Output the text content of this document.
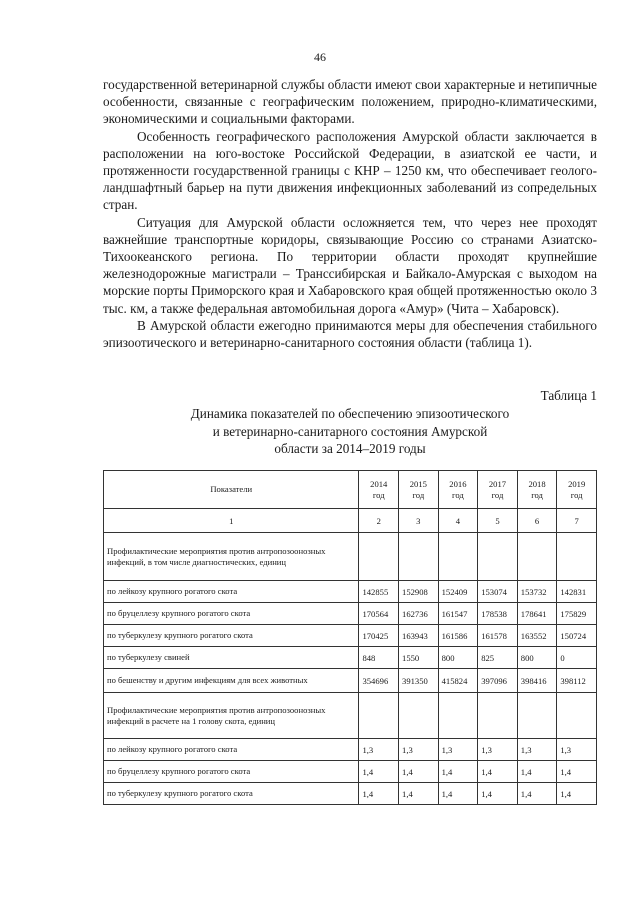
46

государственной ветеринарной службы области имеют свои характерные и нетипичные особенности, связанные с географическим положением, природно-климатическими, экономическими и социальными факторами.

Особенность географического расположения Амурской области заключается в расположении на юго-востоке Российской Федерации, в азиатской ее части, и протяженности государственной границы с КНР – 1250 км, что обеспечивает геолого-ландшафтный барьер на пути движения инфекционных заболеваний из сопредельных стран.

Ситуация для Амурской области осложняется тем, что через нее проходят важнейшие транспортные коридоры, связывающие Россию со странами Азиатско-Тихоокеанского региона. По территории области проходят крупнейшие железнодорожные магистрали – Транссибирская и Байкало-Амурская с выходом на морские порты Приморского края и Хабаровского края общей протяженностью около 3 тыс. км, а также федеральная автомобильная дорога «Амур» (Чита – Хабаровск).

В Амурской области ежегодно принимаются меры для обеспечения стабильного эпизоотического и ветеринарно-санитарного состояния области (таблица 1).

Таблица 1
Динамика показателей по обеспечению эпизоотического
и ветеринарно-санитарного состояния Амурской
области за 2014–2019 годы
Показатели	2014 год	2015 год	2016 год	2017 год	2018 год	2019 год
1	2	3	4	5	6	7
Профилактические мероприятия против антропозоонозных инфекций, в том числе диагностических, единиц						
по лейкозу крупного рогатого скота	142855	152908	152409	153074	153732	142831
по бруцеллезу крупного рогатого скота	170564	162736	161547	178538	178641	175829
по туберкулезу крупного рогатого скота	170425	163943	161586	161578	163552	150724
по туберкулезу свиней	848	1550	800	825	800	0
по бешенству и другим инфекциям для всех животных	354696	391350	415824	397096	398416	398112
Профилактические мероприятия против антропозоонозных инфекций в расчете на 1 голову скота, единиц						
по лейкозу крупного рогатого скота	1,3	1,3	1,3	1,3	1,3	1,3
по бруцеллезу крупного рогатого скота	1,4	1,4	1,4	1,4	1,4	1,4
по туберкулезу крупного рогатого скота	1,4	1,4	1,4	1,4	1,4	1,4
